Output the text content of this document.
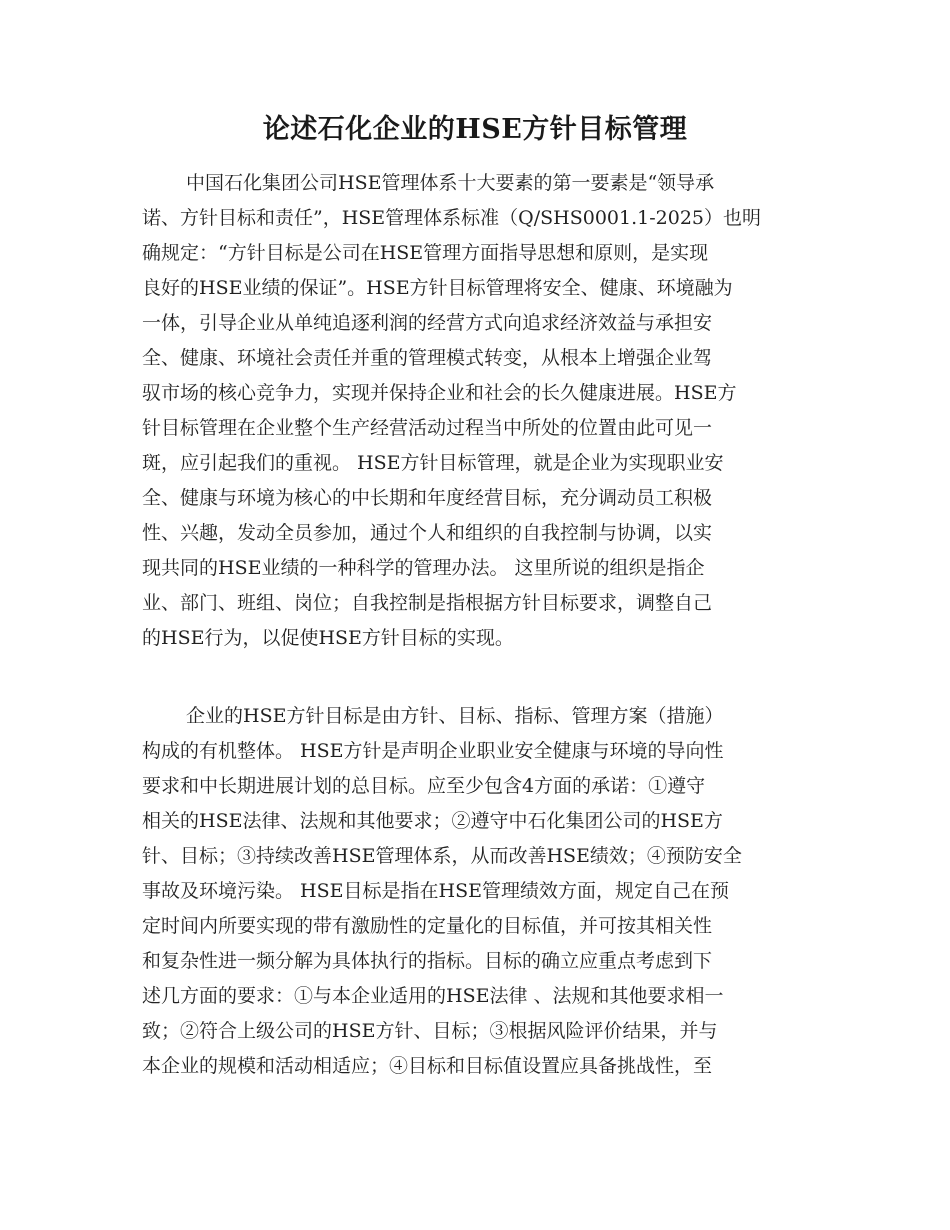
论述石化企业的HSE方针目标管理
中国石化集团公司HSE管理体系十大要素的第一要素是“领导承
诺、方针目标和责任”，HSE管理体系标准（Q/SHS0001.1-2025）也明
确规定：“方针目标是公司在HSE管理方面指导思想和原则，是实现
良好的HSE业绩的保证”。HSE方针目标管理将安全、健康、环境融为
一体，引导企业从单纯追逐利润的经营方式向追求经济效益与承担安
全、健康、环境社会责任并重的管理模式转变，从根本上增强企业驾
驭市场的核心竞争力，实现并保持企业和社会的长久健康进展。HSE方
针目标管理在企业整个生产经营活动过程当中所处的位置由此可见一
斑，应引起我们的重视。 HSE方针目标管理，就是企业为实现职业安
全、健康与环境为核心的中长期和年度经营目标，充分调动员工积极
性、兴趣，发动全员参加，通过个人和组织的自我控制与协调，以实
现共同的HSE业绩的一种科学的管理办法。 这里所说的组织是指企
业、部门、班组、岗位；自我控制是指根据方针目标要求，调整自己
的HSE行为，以促使HSE方针目标的实现。
企业的HSE方针目标是由方针、目标、指标、管理方案（措施）
构成的有机整体。 HSE方针是声明企业职业安全健康与环境的导向性
要求和中长期进展计划的总目标。应至少包含4方面的承诺：①遵守
相关的HSE法律、法规和其他要求；②遵守中石化集团公司的HSE方
针、目标；③持续改善HSE管理体系，从而改善HSE绩效；④预防安全
事故及环境污染。 HSE目标是指在HSE管理绩效方面，规定自己在预
定时间内所要实现的带有激励性的定量化的目标值，并可按其相关性
和复杂性进一频分解为具体执行的指标。目标的确立应重点考虑到下
述几方面的要求：①与本企业适用的HSE法律 、法规和其他要求相一
致；②符合上级公司的HSE方针、目标；③根据风险评价结果，并与
本企业的规模和活动相适应；④目标和目标值设置应具备挑战性，至
